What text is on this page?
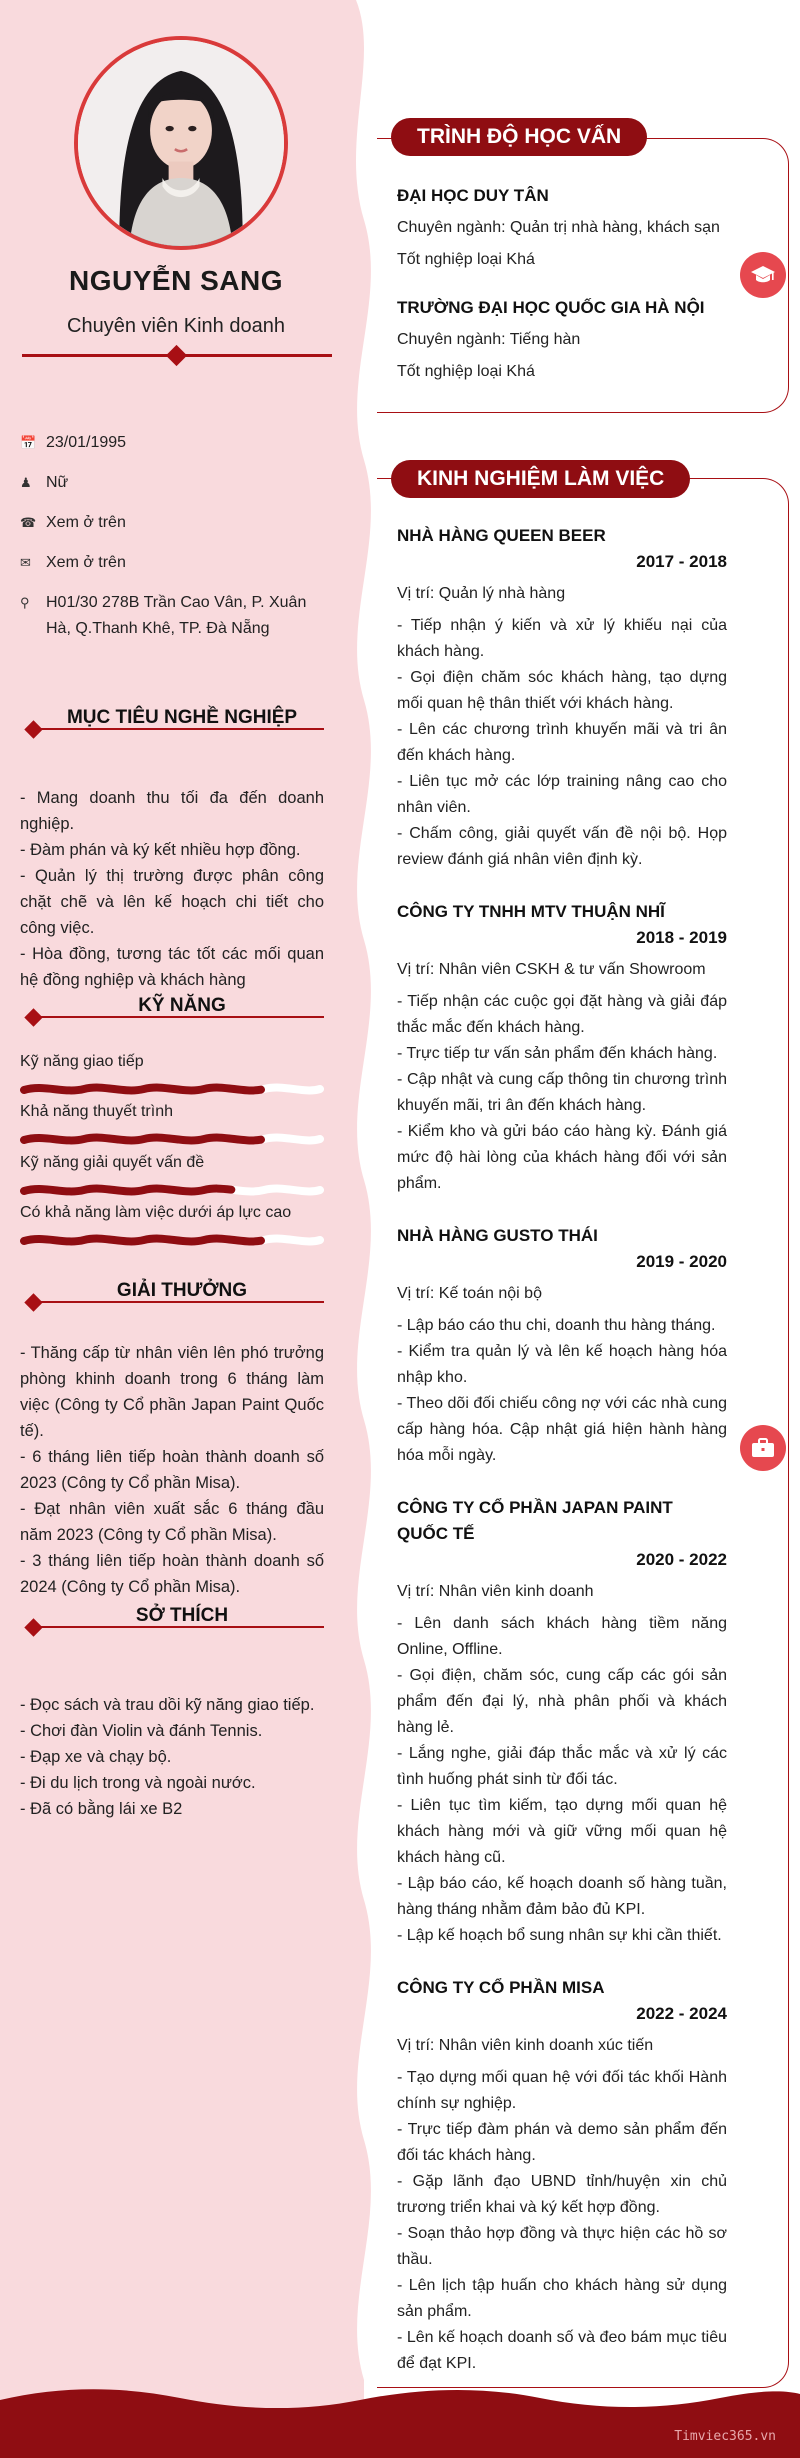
NGUYỄN SANG
Chuyên viên Kinh doanh
📅 23/01/1995
♟ Nữ
☎ Xem ở trên
✉ Xem ở trên
⚲	H01/30 278B Trần Cao Vân, P. Xuân Hà, Q.Thanh Khê, TP. Đà Nẵng
MỤC TIÊU NGHỀ NGHIỆP

- Mang doanh thu tối đa đến doanh nghiệp.

- Đàm phán và ký kết nhiều hợp đồng.

- Quản lý thị trường được phân công chặt chẽ và lên kế hoạch chi tiết cho công việc.

- Hòa đồng, tương tác tốt các mối quan hệ đồng nghiệp và khách hàng

KỸ NĂNG
Kỹ năng giao tiếp
Khả năng thuyết trình
Kỹ năng giải quyết vấn đề
Có khả năng làm việc dưới áp lực cao
GIẢI THƯỞNG

- Thăng cấp từ nhân viên lên phó trưởng phòng khinh doanh trong 6 tháng làm việc (Công ty Cổ phần Japan Paint Quốc tế).

- 6 tháng liên tiếp hoàn thành doanh số 2023 (Công ty Cổ phần Misa).

- Đạt nhân viên xuất sắc 6 tháng đầu năm 2023 (Công ty Cổ phần Misa).

- 3 tháng liên tiếp hoàn thành doanh số 2024 (Công ty Cổ phần Misa).

SỞ THÍCH

- Đọc sách và trau dồi kỹ năng giao tiếp.

- Chơi đàn Violin và đánh Tennis.

- Đạp xe và chạy bộ.

- Đi du lịch trong và ngoài nước.

- Đã có bằng lái xe B2

TRÌNH ĐỘ HỌC VẤN
ĐẠI HỌC DUY TÂN
Chuyên ngành: Quản trị nhà hàng, khách sạn
Tốt nghiệp loại Khá
TRƯỜNG ĐẠI HỌC QUỐC GIA HÀ NỘI
Chuyên ngành: Tiếng hàn
Tốt nghiệp loại Khá
KINH NGHIỆM LÀM VIỆC
NHÀ HÀNG QUEEN BEER
2017 - 2018
Vị trí: Quản lý nhà hàng
- Tiếp nhận ý kiến và xử lý khiếu nại của khách hàng.
- Gọi điện chăm sóc khách hàng, tạo dựng mối quan hệ thân thiết với khách hàng.
- Lên các chương trình khuyến mãi và tri ân đến khách hàng.
- Liên tục mở các lớp training nâng cao cho nhân viên.
- Chấm công, giải quyết vấn đề nội bộ. Họp review đánh giá nhân viên định kỳ.
CÔNG TY TNHH MTV THUẬN NHĨ
2018 - 2019
Vị trí: Nhân viên CSKH & tư vấn Showroom
- Tiếp nhận các cuộc gọi đặt hàng và giải đáp thắc mắc đến khách hàng.
- Trực tiếp tư vấn sản phẩm đến khách hàng.
- Cập nhật và cung cấp thông tin chương trình khuyến mãi, tri ân đến khách hàng.
- Kiểm kho và gửi báo cáo hàng kỳ. Đánh giá mức độ hài lòng của khách hàng đối với sản phẩm.
NHÀ HÀNG GUSTO THÁI
2019 - 2020
Vị trí: Kế toán nội bộ
- Lập báo cáo thu chi, doanh thu hàng tháng.
- Kiểm tra quản lý và lên kế hoạch hàng hóa nhập kho.
- Theo dõi đối chiếu công nợ với các nhà cung cấp hàng hóa. Cập nhật giá hiện hành hàng hóa mỗi ngày.
CÔNG TY CỔ PHẦN JAPAN PAINT QUỐC TẾ
2020 - 2022
Vị trí: Nhân viên kinh doanh
- Lên danh sách khách hàng tiềm năng Online, Offline.
- Gọi điện, chăm sóc, cung cấp các gói sản phẩm đến đại lý, nhà phân phối và khách hàng lẻ.
- Lắng nghe, giải đáp thắc mắc và xử lý các tình huống phát sinh từ đối tác.
- Liên tục tìm kiếm, tạo dựng mối quan hệ khách hàng mới và giữ vững mối quan hệ khách hàng cũ.
- Lập báo cáo, kế hoạch doanh số hàng tuần, hàng tháng nhằm đảm bảo đủ KPI.
- Lập kế hoạch bổ sung nhân sự khi cần thiết.
CÔNG TY CỔ PHẦN MISA
2022 - 2024
Vị trí: Nhân viên kinh doanh xúc tiến
- Tạo dựng mối quan hệ với đối tác khối Hành chính sự nghiệp.
- Trực tiếp đàm phán và demo sản phẩm đến đối tác khách hàng.
- Gặp lãnh đạo UBND tỉnh/huyện xin chủ trương triển khai và ký kết hợp đồng.
- Soạn thảo hợp đồng và thực hiện các hồ sơ thầu.
- Lên lịch tập huấn cho khách hàng sử dụng sản phẩm.
- Lên kế hoạch doanh số và đeo bám mục tiêu để đạt KPI.
Timviec365.vn
